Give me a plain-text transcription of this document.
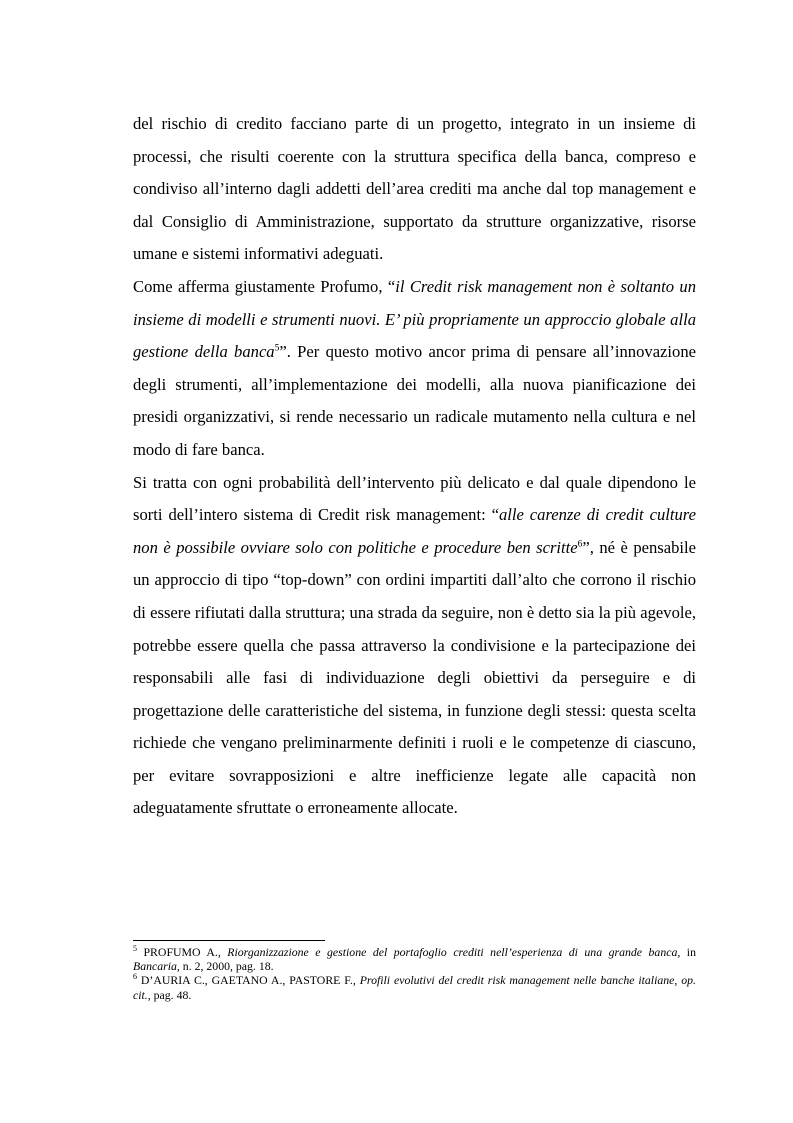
del rischio di credito facciano parte di un progetto, integrato in un insieme di processi, che risulti coerente con la struttura specifica della banca, compreso e condiviso all’interno dagli addetti dell’area crediti ma anche dal top management e dal Consiglio di Amministrazione, supportato da strutture organizzative, risorse umane e sistemi informativi adeguati.

Come afferma giustamente Profumo, “il Credit risk management non è soltanto un insieme di modelli e strumenti nuovi. E’ più propriamente un approccio globale alla gestione della banca$^5$”. Per questo motivo ancor prima di pensare all’innovazione degli strumenti, all’implementazione dei modelli, alla nuova pianificazione dei presidi organizzativi, si rende necessario un radicale mutamento nella cultura e nel modo di fare banca.

Si tratta con ogni probabilità dell’intervento più delicato e dal quale dipendono le sorti dell’intero sistema di Credit risk management: “alle carenze di credit culture non è possibile ovviare solo con politiche e procedure ben scritte$^6$”, né è pensabile un approccio di tipo “top-down” con ordini impartiti dall’alto che corrono il rischio di essere rifiutati dalla struttura; una strada da seguire, non è detto sia la più agevole, potrebbe essere quella che passa attraverso la condivisione e la partecipazione dei responsabili alle fasi di individuazione degli obiettivi da perseguire e di progettazione delle caratteristiche del sistema, in funzione degli stessi: questa scelta richiede che vengano preliminarmente definiti i ruoli e le competenze di ciascuno, per evitare sovrapposizioni e altre inefficienze legate alle capacità non adeguatamente sfruttate o erroneamente allocate.

$^5$ PROFUMO A., Riorganizzazione e gestione del portafoglio crediti nell’esperienza di una grande banca, in Bancaria, n. 2, 2000, pag. 18.

$^6$ D’AURIA C., GAETANO A., PASTORE F., Profili evolutivi del credit risk management nelle banche italiane, op. cit., pag. 48.
